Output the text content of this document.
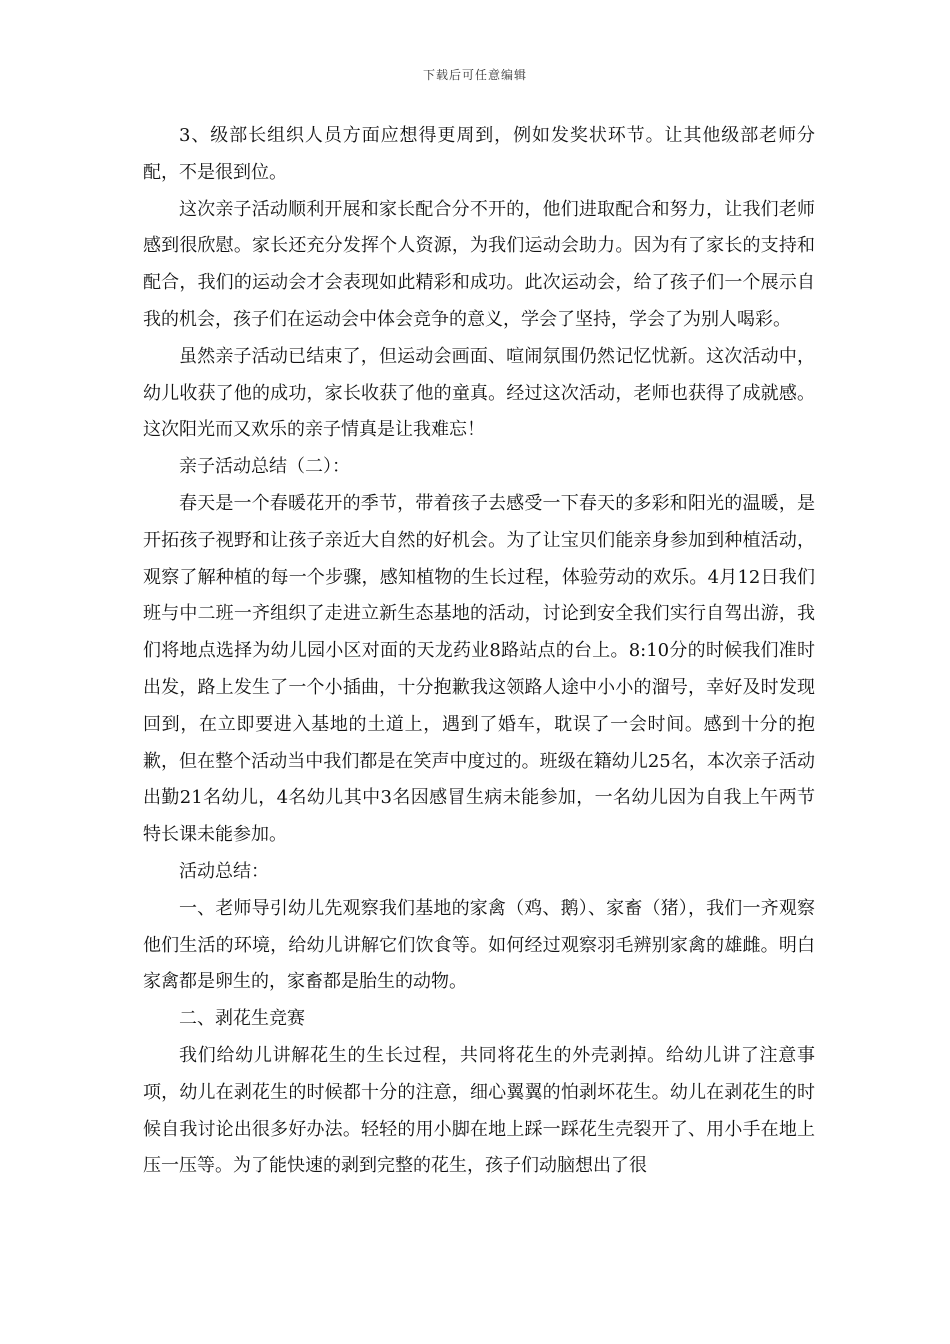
下载后可任意编辑

3、级部长组织人员方面应想得更周到，例如发奖状环节。让其他级部老师分配，不是很到位。

这次亲子活动顺利开展和家长配合分不开的，他们进取配合和努力，让我们老师感到很欣慰。家长还充分发挥个人资源，为我们运动会助力。因为有了家长的支持和配合，我们的运动会才会表现如此精彩和成功。此次运动会，给了孩子们一个展示自我的机会，孩子们在运动会中体会竞争的意义，学会了坚持，学会了为别人喝彩。

虽然亲子活动已结束了，但运动会画面、喧闹氛围仍然记忆忧新。这次活动中，幼儿收获了他的成功，家长收获了他的童真。经过这次活动，老师也获得了成就感。这次阳光而又欢乐的亲子情真是让我难忘！

亲子活动总结（二）：

春天是一个春暖花开的季节，带着孩子去感受一下春天的多彩和阳光的温暖，是开拓孩子视野和让孩子亲近大自然的好机会。为了让宝贝们能亲身参加到种植活动，观察了解种植的每一个步骤，感知植物的生长过程，体验劳动的欢乐。4月12日我们班与中二班一齐组织了走进立新生态基地的活动，讨论到安全我们实行自驾出游，我们将地点选择为幼儿园小区对面的天龙药业8路站点的台上。8:10分的时候我们准时出发，路上发生了一个小插曲，十分抱歉我这领路人途中小小的溜号，幸好及时发现回到，在立即要进入基地的土道上，遇到了婚车，耽误了一会时间。感到十分的抱歉，但在整个活动当中我们都是在笑声中度过的。班级在籍幼儿25名，本次亲子活动出勤21名幼儿，4名幼儿其中3名因感冒生病未能参加，一名幼儿因为自我上午两节特长课未能参加。

活动总结：

一、老师导引幼儿先观察我们基地的家禽（鸡、鹅）、家畜（猪），我们一齐观察他们生活的环境，给幼儿讲解它们饮食等。如何经过观察羽毛辨别家禽的雄雌。明白家禽都是卵生的，家畜都是胎生的动物。

二、剥花生竞赛

我们给幼儿讲解花生的生长过程，共同将花生的外壳剥掉。给幼儿讲了注意事项，幼儿在剥花生的时候都十分的注意，细心翼翼的怕剥坏花生。幼儿在剥花生的时候自我讨论出很多好办法。轻轻的用小脚在地上踩一踩花生壳裂开了、用小手在地上压一压等。为了能快速的剥到完整的花生，孩子们动脑想出了很
